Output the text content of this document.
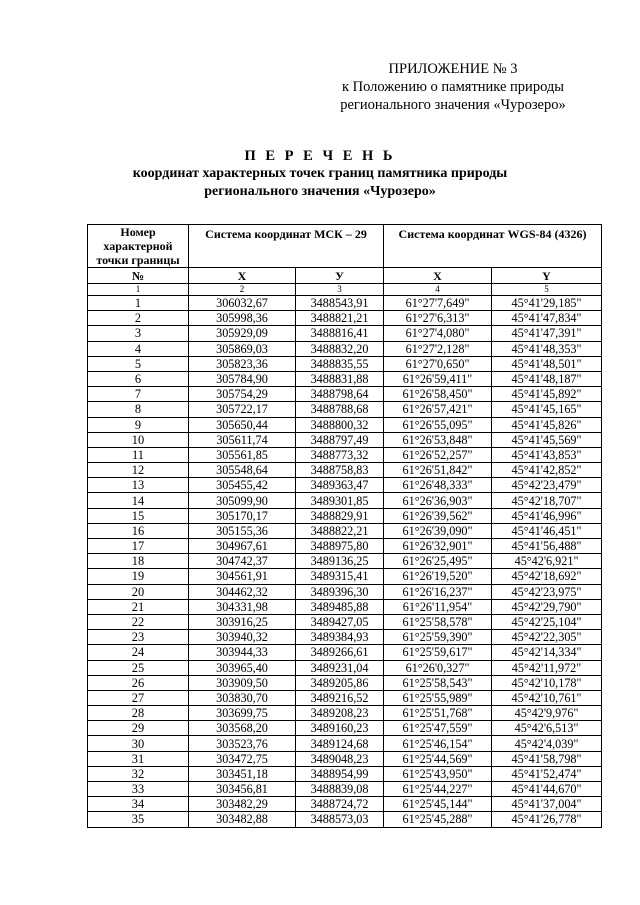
ПРИЛОЖЕНИЕ № 3
к Положению о памятнике природы
регионального значения «Чурозеро»
П Е Р Е Ч Е Н Ь
координат характерных точек границ памятника природы
регионального значения «Чурозеро»
Номер характерной точки границы	Система координат МСК – 29		Система координат WGS-84 (4326)	
№	Х	У	Х	Y
1	2	3	4	5
1	306032,67	3488543,91	61°27'7,649"	45°41'29,185"
2	305998,36	3488821,21	61°27'6,313"	45°41'47,834"
3	305929,09	3488816,41	61°27'4,080"	45°41'47,391"
4	305869,03	3488832,20	61°27'2,128"	45°41'48,353"
5	305823,36	3488835,55	61°27'0,650"	45°41'48,501"
6	305784,90	3488831,88	61°26'59,411"	45°41'48,187"
7	305754,29	3488798,64	61°26'58,450"	45°41'45,892"
8	305722,17	3488788,68	61°26'57,421"	45°41'45,165"
9	305650,44	3488800,32	61°26'55,095"	45°41'45,826"
10	305611,74	3488797,49	61°26'53,848"	45°41'45,569"
11	305561,85	3488773,32	61°26'52,257"	45°41'43,853"
12	305548,64	3488758,83	61°26'51,842"	45°41'42,852"
13	305455,42	3489363,47	61°26'48,333"	45°42'23,479"
14	305099,90	3489301,85	61°26'36,903"	45°42'18,707"
15	305170,17	3488829,91	61°26'39,562"	45°41'46,996"
16	305155,36	3488822,21	61°26'39,090"	45°41'46,451"
17	304967,61	3488975,80	61°26'32,901"	45°41'56,488"
18	304742,37	3489136,25	61°26'25,495"	45°42'6,921"
19	304561,91	3489315,41	61°26'19,520"	45°42'18,692"
20	304462,32	3489396,30	61°26'16,237"	45°42'23,975"
21	304331,98	3489485,88	61°26'11,954"	45°42'29,790"
22	303916,25	3489427,05	61°25'58,578"	45°42'25,104"
23	303940,32	3489384,93	61°25'59,390"	45°42'22,305"
24	303944,33	3489266,61	61°25'59,617"	45°42'14,334"
25	303965,40	3489231,04	61°26'0,327"	45°42'11,972"
26	303909,50	3489205,86	61°25'58,543"	45°42'10,178"
27	303830,70	3489216,52	61°25'55,989"	45°42'10,761"
28	303699,75	3489208,23	61°25'51,768"	45°42'9,976"
29	303568,20	3489160,23	61°25'47,559"	45°42'6,513"
30	303523,76	3489124,68	61°25'46,154"	45°42'4,039"
31	303472,75	3489048,23	61°25'44,569"	45°41'58,798"
32	303451,18	3488954,99	61°25'43,950"	45°41'52,474"
33	303456,81	3488839,08	61°25'44,227"	45°41'44,670"
34	303482,29	3488724,72	61°25'45,144"	45°41'37,004"
35	303482,88	3488573,03	61°25'45,288"	45°41'26,778"
